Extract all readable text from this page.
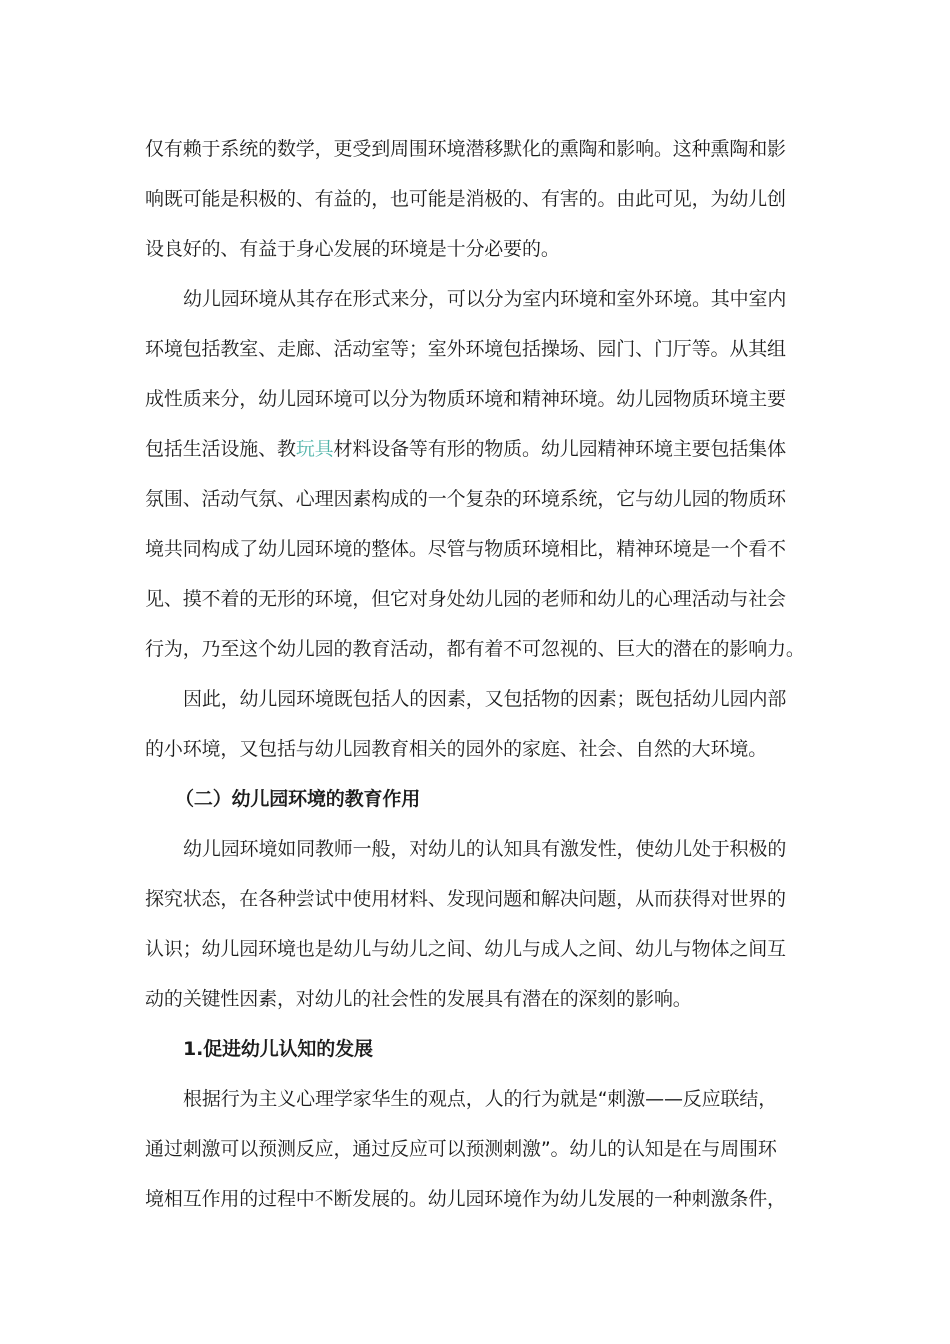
仅有赖于系统的数学，更受到周围环境潜移默化的熏陶和影响。这种熏陶和影
响既可能是积极的、有益的，也可能是消极的、有害的。由此可见，为幼儿创
设良好的、有益于身心发展的环境是十分必要的。
幼儿园环境从其存在形式来分，可以分为室内环境和室外环境。其中室内
环境包括教室、走廊、活动室等；室外环境包括操场、园门、门厅等。从其组
成性质来分，幼儿园环境可以分为物质环境和精神环境。幼儿园物质环境主要
包括生活设施、教玩具材料设备等有形的物质。幼儿园精神环境主要包括集体
氛围、活动气氛、心理因素构成的一个复杂的环境系统，它与幼儿园的物质环
境共同构成了幼儿园环境的整体。尽管与物质环境相比，精神环境是一个看不
见、摸不着的无形的环境，但它对身处幼儿园的老师和幼儿的心理活动与社会
行为，乃至这个幼儿园的教育活动，都有着不可忽视的、巨大的潜在的影响力。
因此，幼儿园环境既包括人的因素，又包括物的因素；既包括幼儿园内部
的小环境，又包括与幼儿园教育相关的园外的家庭、社会、自然的大环境。
（二）幼儿园环境的教育作用
幼儿园环境如同教师一般，对幼儿的认知具有激发性，使幼儿处于积极的
探究状态，在各种尝试中使用材料、发现问题和解决问题，从而获得对世界的
认识；幼儿园环境也是幼儿与幼儿之间、幼儿与成人之间、幼儿与物体之间互
动的关键性因素，对幼儿的社会性的发展具有潜在的深刻的影响。
1.促进幼儿认知的发展
根据行为主义心理学家华生的观点，人的行为就是“刺激——反应联结，
通过刺激可以预测反应，通过反应可以预测刺激”。幼儿的认知是在与周围环
境相互作用的过程中不断发展的。幼儿园环境作为幼儿发展的一种刺激条件，
